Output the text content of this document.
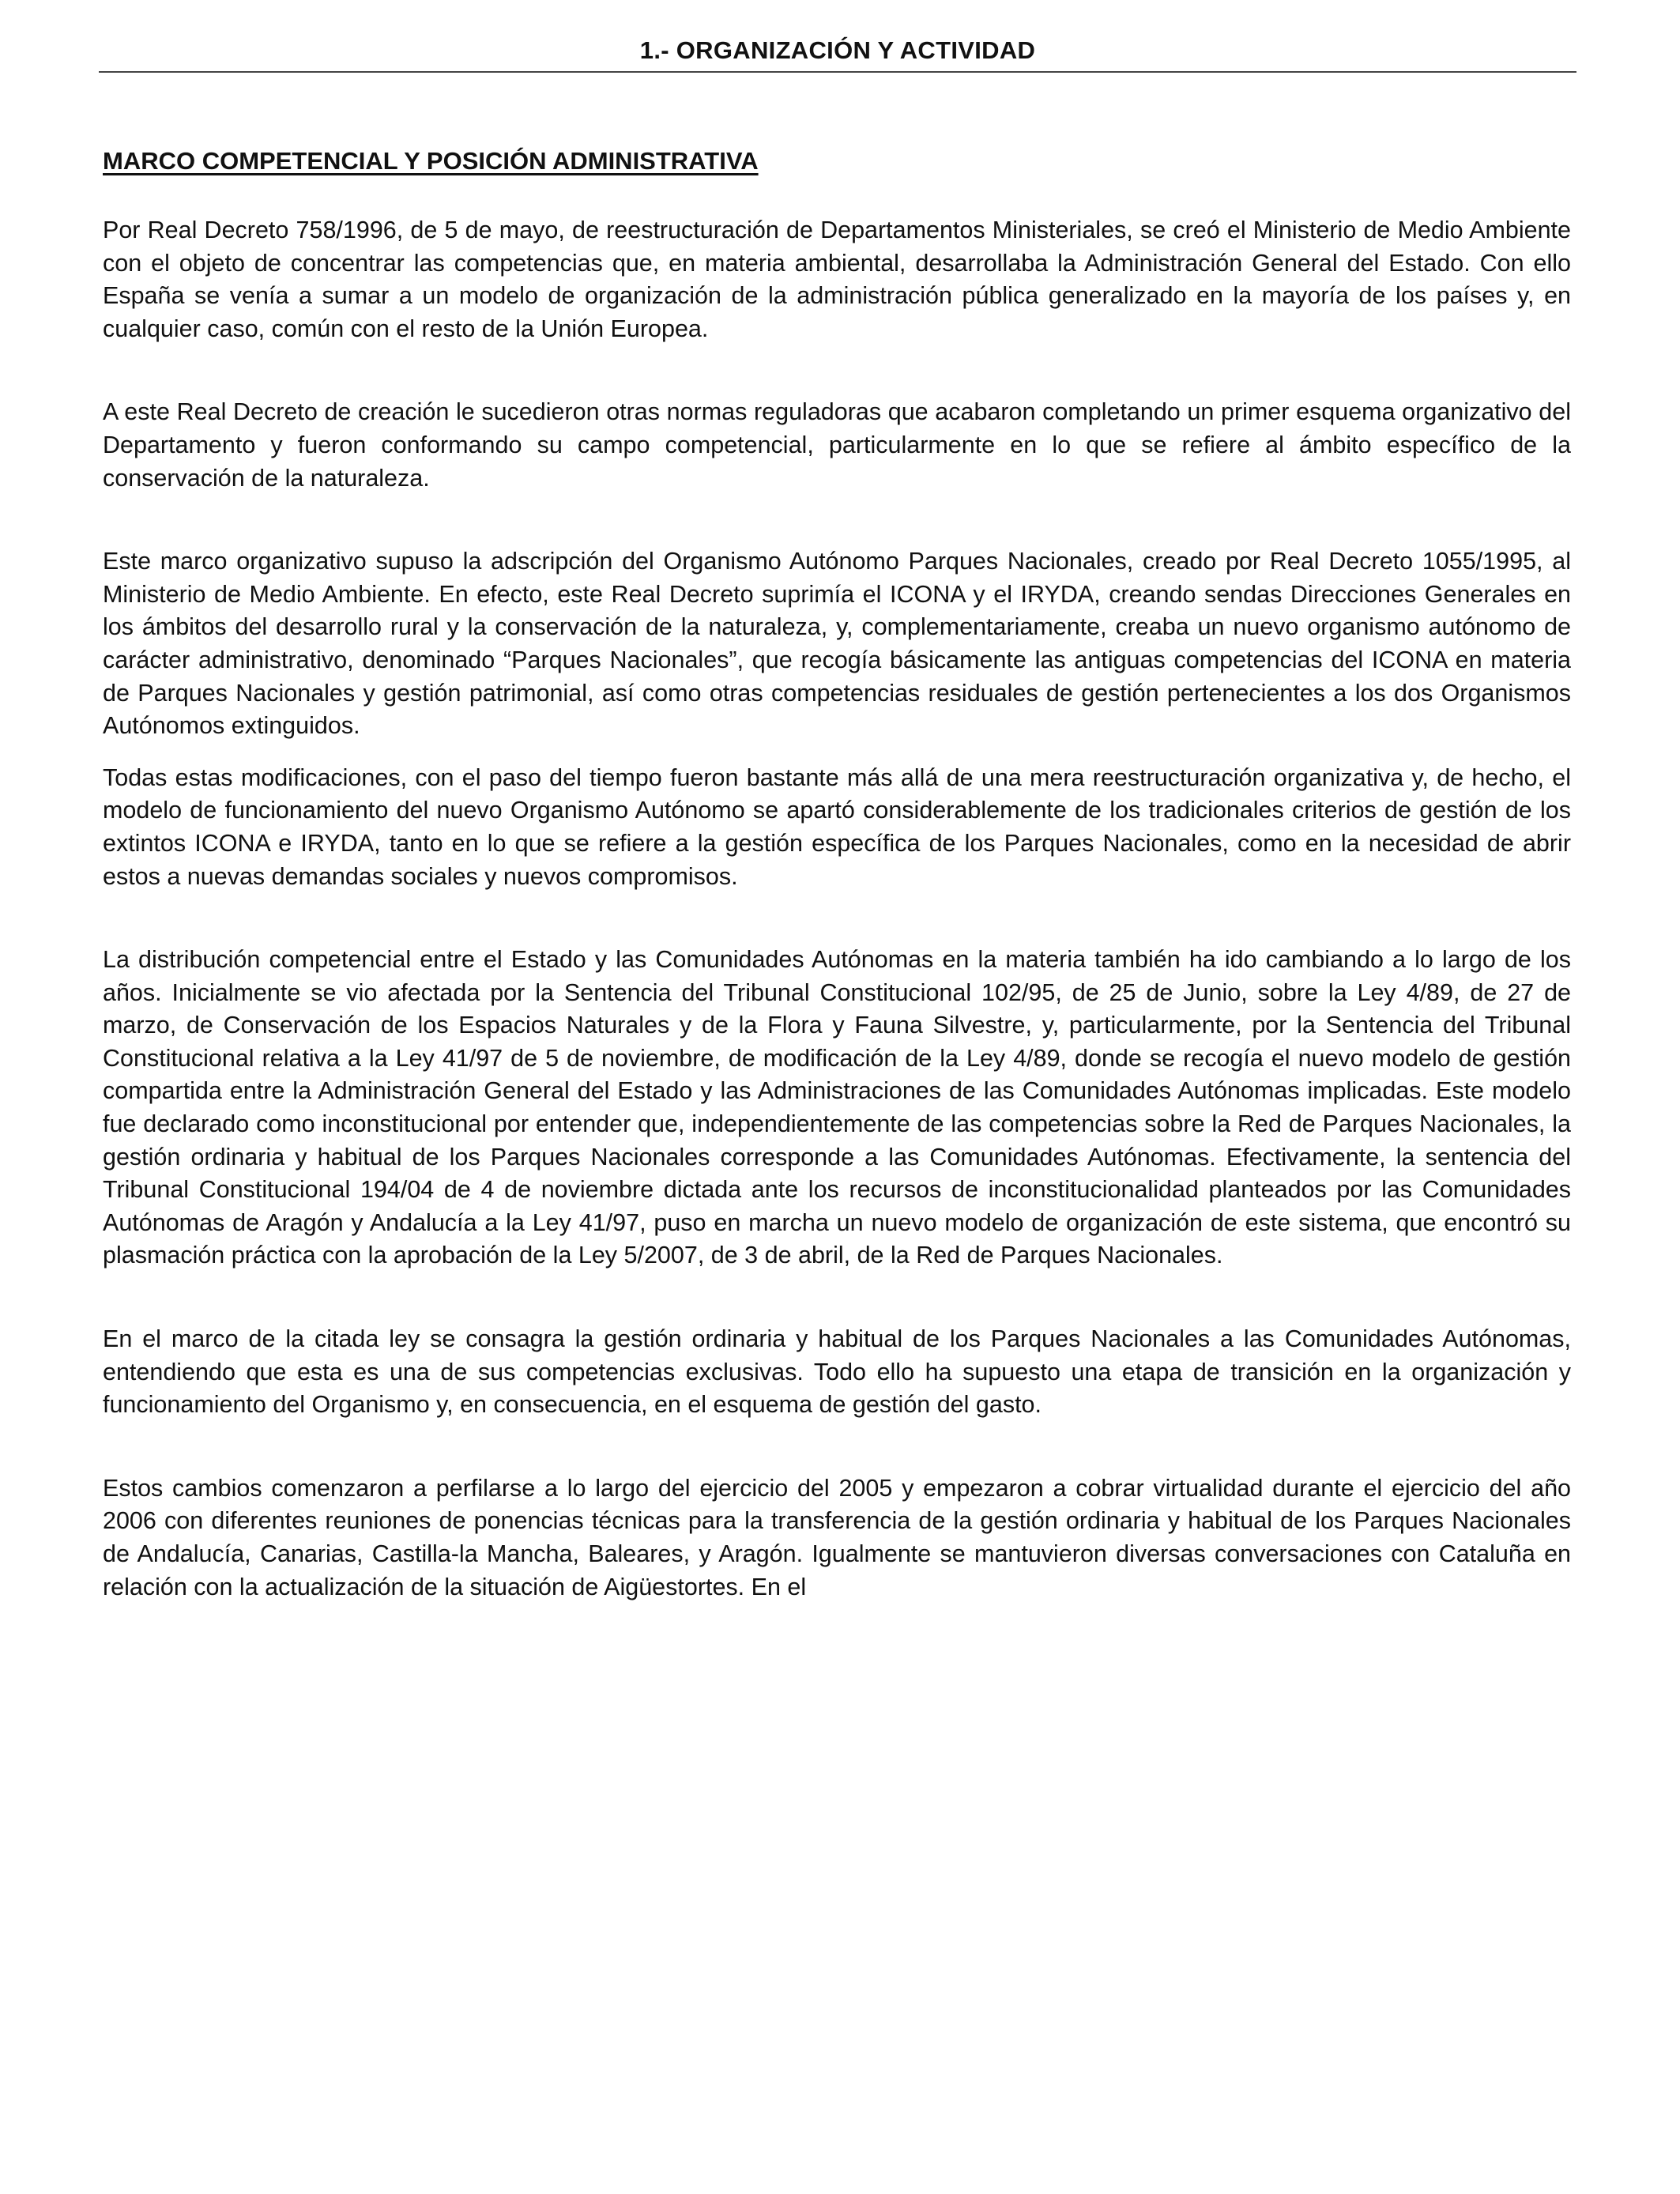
1.- ORGANIZACIÓN Y ACTIVIDAD
MARCO COMPETENCIAL Y POSICIÓN ADMINISTRATIVA

Por Real Decreto 758/1996, de 5 de mayo, de reestructuración de Departamentos Ministeriales, se creó el Ministerio de Medio Ambiente con el objeto de concentrar las competencias que, en materia ambiental, desarrollaba la Administración General del Estado. Con ello España se venía a sumar a un modelo de organización de la administración pública generalizado en la mayoría de los países y, en cualquier caso, común con el resto de la Unión Europea.

A este Real Decreto de creación le sucedieron otras normas reguladoras que acabaron completando un primer esquema organizativo del Departamento y fueron conformando su campo competencial, particularmente en lo que se refiere al ámbito específico de la conservación de la naturaleza.

Este marco organizativo supuso la adscripción del Organismo Autónomo Parques Nacionales, creado por Real Decreto 1055/1995, al Ministerio de Medio Ambiente. En efecto, este Real Decreto suprimía el ICONA y el IRYDA, creando sendas Direcciones Generales en los ámbitos del desarrollo rural y la conservación de la naturaleza, y, complementariamente, creaba un nuevo organismo autónomo de carácter administrativo, denominado “Parques Nacionales”, que recogía básicamente las antiguas competencias del ICONA en materia de Parques Nacionales y gestión patrimonial, así como otras competencias residuales de gestión pertenecientes a los dos Organismos Autónomos extinguidos.

Todas estas modificaciones, con el paso del tiempo fueron bastante más allá de una mera reestructuración organizativa y, de hecho, el modelo de funcionamiento del nuevo Organismo Autónomo se apartó considerablemente de los tradicionales criterios de gestión de los extintos ICONA e IRYDA, tanto en lo que se refiere a la gestión específica de los Parques Nacionales, como en la necesidad de abrir estos a nuevas demandas sociales y nuevos compromisos.

La distribución competencial entre el Estado y las Comunidades Autónomas en la materia también ha ido cambiando a lo largo de los años. Inicialmente se vio afectada por la Sentencia del Tribunal Constitucional 102/95, de 25 de Junio, sobre la Ley 4/89, de 27 de marzo, de Conservación de los Espacios Naturales y de la Flora y Fauna Silvestre, y, particularmente, por la Sentencia del Tribunal Constitucional relativa a la Ley 41/97 de 5 de noviembre, de modificación de la Ley 4/89, donde se recogía el nuevo modelo de gestión compartida entre la Administración General del Estado y las Administraciones de las Comunidades Autónomas implicadas. Este modelo fue declarado como inconstitucional por entender que, independientemente de las competencias sobre la Red de Parques Nacionales, la gestión ordinaria y habitual de los Parques Nacionales corresponde a las Comunidades Autónomas. Efectivamente, la sentencia del Tribunal Constitucional 194/04 de 4 de noviembre dictada ante los recursos de inconstitucionalidad planteados por las Comunidades Autónomas de Aragón y Andalucía a la Ley 41/97, puso en marcha un nuevo modelo de organización de este sistema, que encontró su plasmación práctica con la aprobación de la Ley 5/2007, de 3 de abril, de la Red de Parques Nacionales.

En el marco de la citada ley se consagra la gestión ordinaria y habitual de los Parques Nacionales a las Comunidades Autónomas, entendiendo que esta es una de sus competencias exclusivas. Todo ello ha supuesto una etapa de transición en la organización y funcionamiento del Organismo y, en consecuencia, en el esquema de gestión del gasto.

Estos cambios comenzaron a perfilarse a lo largo del ejercicio del 2005 y empezaron a cobrar virtualidad durante el ejercicio del año 2006 con diferentes reuniones de ponencias técnicas para la transferencia de la gestión ordinaria y habitual de los Parques Nacionales de Andalucía, Canarias, Castilla-la Mancha, Baleares, y Aragón. Igualmente se mantuvieron diversas conversaciones con Cataluña en relación con la actualización de la situación de Aigüestortes. En el
